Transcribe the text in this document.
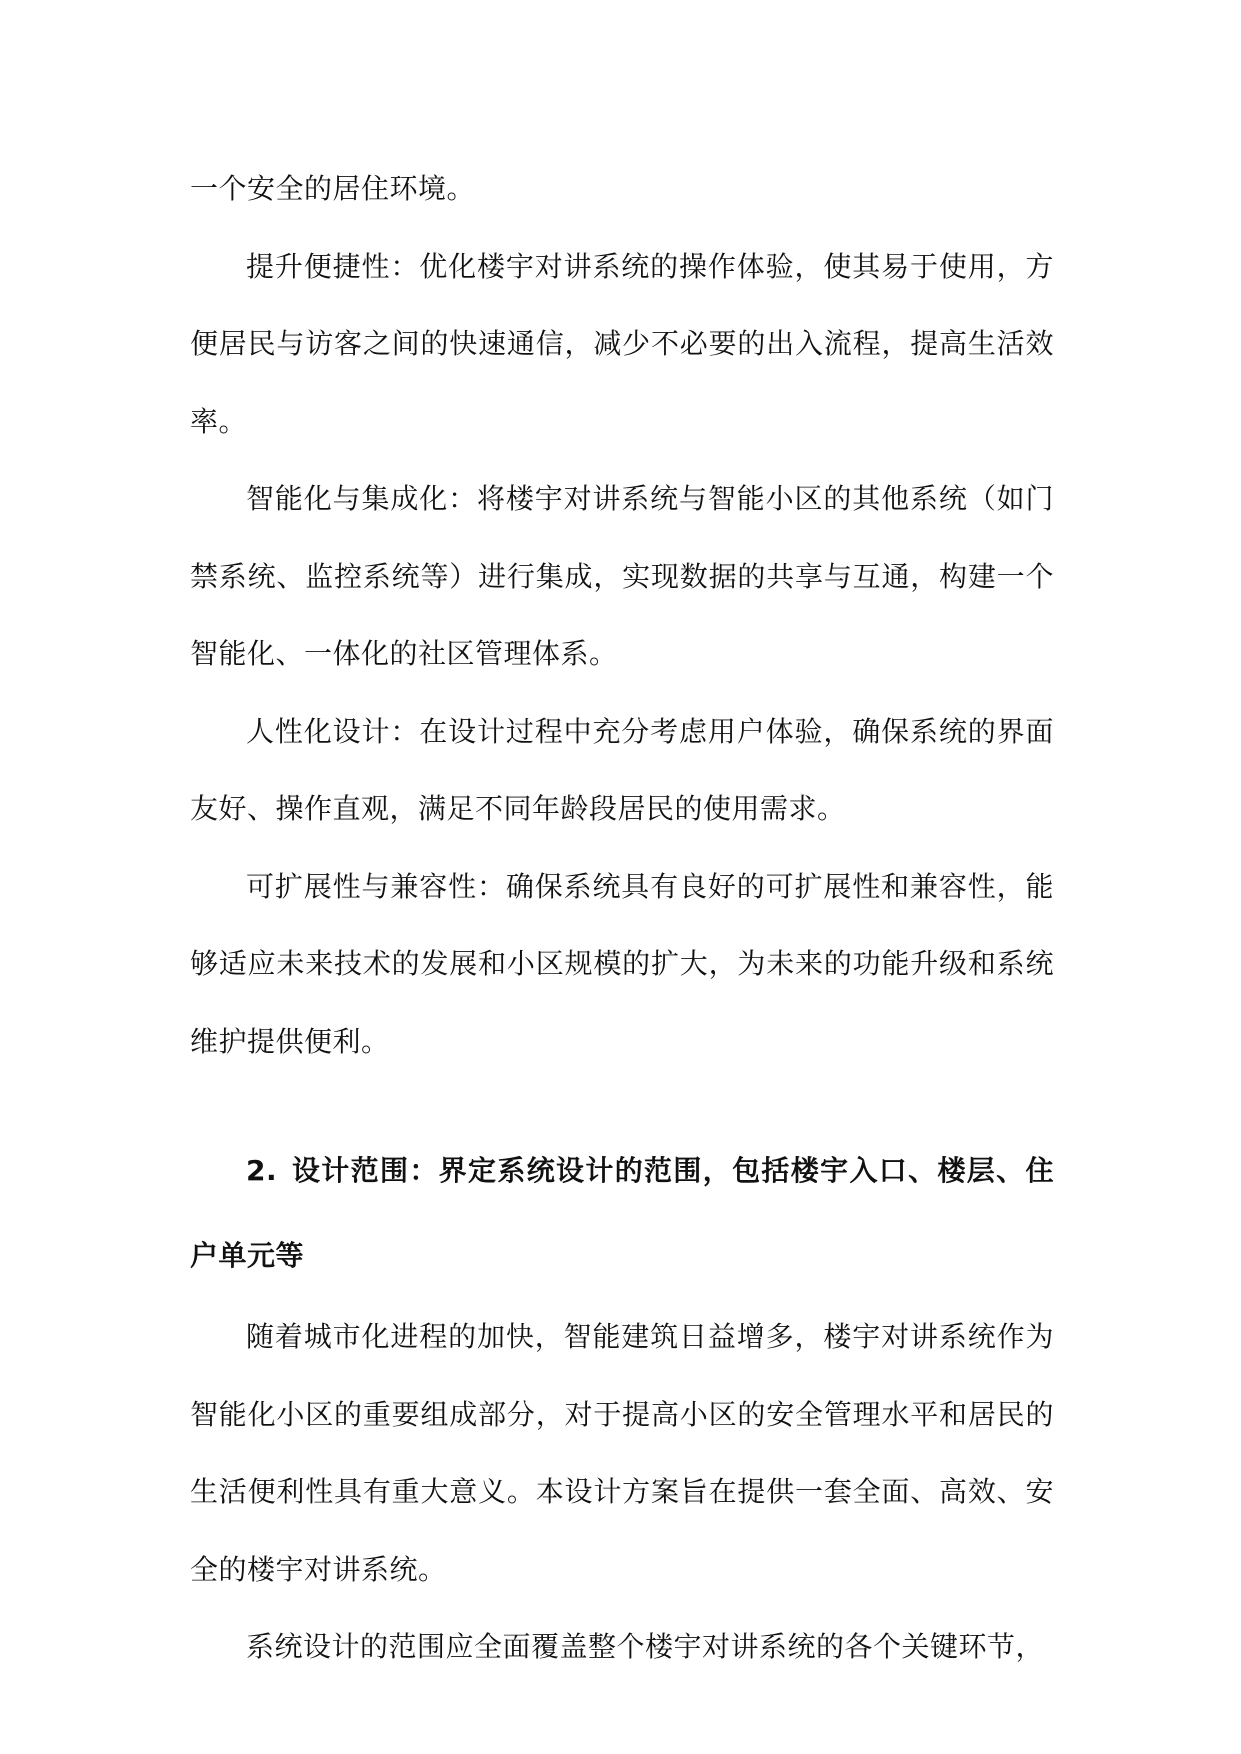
一个安全的居住环境。

提升便捷性：优化楼宇对讲系统的操作体验，使其易于使用，方便居民与访客之间的快速通信，减少不必要的出入流程，提高生活效率。

智能化与集成化：将楼宇对讲系统与智能小区的其他系统（如门禁系统、监控系统等）进行集成，实现数据的共享与互通，构建一个智能化、一体化的社区管理体系。

人性化设计：在设计过程中充分考虑用户体验，确保系统的界面友好、操作直观，满足不同年龄段居民的使用需求。

可扩展性与兼容性：确保系统具有良好的可扩展性和兼容性，能够适应未来技术的发展和小区规模的扩大，为未来的功能升级和系统维护提供便利。

2. 设计范围：界定系统设计的范围，包括楼宇入口、楼层、住户单元等

随着城市化进程的加快，智能建筑日益增多，楼宇对讲系统作为智能化小区的重要组成部分，对于提高小区的安全管理水平和居民的生活便利性具有重大意义。本设计方案旨在提供一套全面、高效、安全的楼宇对讲系统。

系统设计的范围应全面覆盖整个楼宇对讲系统的各个关键环节，
